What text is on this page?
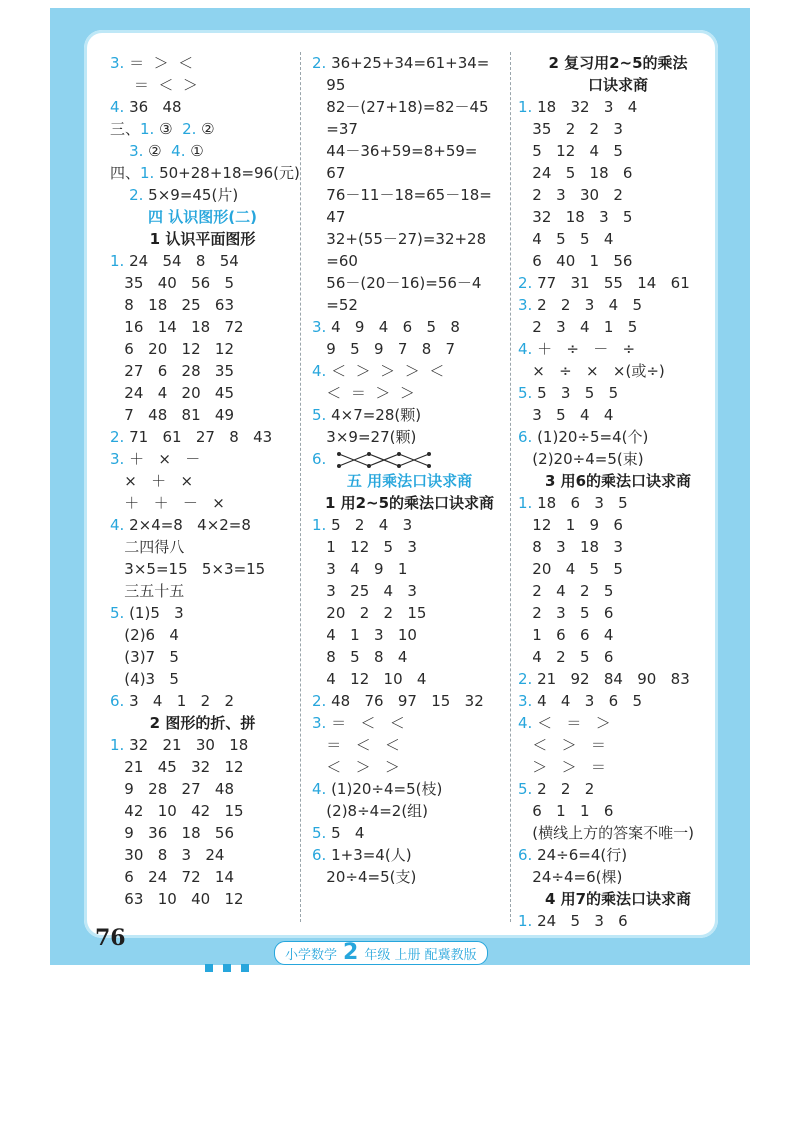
3. ＝  ＞  ＜
＝  ＜  ＞
4. 36   48
三、1. ③  2. ②
3. ②  4. ①
四、1. 50+28+18=96(元)
2. 5×9=45(片)
四 认识图形(二)
1 认识平面图形
1. 24   54   8   54
35   40   56   5
8   18   25   63
16   14   18   72
6   20   12   12
27   6   28   35
24   4   20   45
7   48   81   49
2. 71   61   27   8   43
3. ＋   ×   －
×   ＋   ×
＋   ＋   －   ×
4. 2×4=8   4×2=8
二四得八
3×5=15   5×3=15
三五十五
5. (1)5   3
(2)6   4
(3)7   5
(4)3   5
6. 3   4   1   2   2
2 图形的折、拼
1. 32   21   30   18
21   45   32   12
9   28   27   48
42   10   42   15
9   36   18   56
30   8   3   24
6   24   72   14
63   10   40   12
2. 36+25+34=61+34=
95
82－(27+18)=82－45
=37
44－36+59=8+59=
67
76－11－18=65－18=
47
32+(55－27)=32+28
=60
56－(20－16)=56－4
=52
3. 4   9   4   6   5   8
9   5   9   7   8   7
4. ＜  ＞  ＞  ＞  ＜
＜  ＝  ＞  ＞
5. 4×7=28(颗)
3×9=27(颗)
6.
五 用乘法口诀求商
1 用2~5的乘法口诀求商
1. 5   2   4   3
1   12   5   3
3   4   9   1
3   25   4   3
20   2   2   15
4   1   3   10
8   5   8   4
4   12   10   4
2. 48   76   97   15   32
3. ＝   ＜   ＜
＝   ＜   ＜
＜   ＞   ＞
4. (1)20÷4=5(枝)
(2)8÷4=2(组)
5. 5   4
6. 1+3=4(人)
20÷4=5(支)
2 复习用2~5的乘法
口诀求商
1. 18   32   3   4
35   2   2   3
5   12   4   5
24   5   18   6
2   3   30   2
32   18   3   5
4   5   5   4
6   40   1   56
2. 77   31   55   14   61
3. 2   2   3   4   5
2   3   4   1   5
4. ＋   ÷   －   ÷
×   ÷   ×   ×(或÷)
5. 5   3   5   5
3   5   4   4
6. (1)20÷5=4(个)
(2)20÷4=5(束)
3 用6的乘法口诀求商
1. 18   6   3   5
12   1   9   6
8   3   18   3
20   4   5   5
2   4   2   5
2   3   5   6
1   6   6   4
4   2   5   6
2. 21   92   84   90   83
3. 4   4   3   6   5
4. ＜   ＝   ＞
＜   ＞   ＝
＞   ＞   ＝
5. 2   2   2
6   1   1   6
(横线上方的答案不唯一)
6. 24÷6=4(行)
24÷4=6(棵)
4 用7的乘法口诀求商
1. 24   5   3   6
76
小学数学 2 年级 上册 配冀教版
